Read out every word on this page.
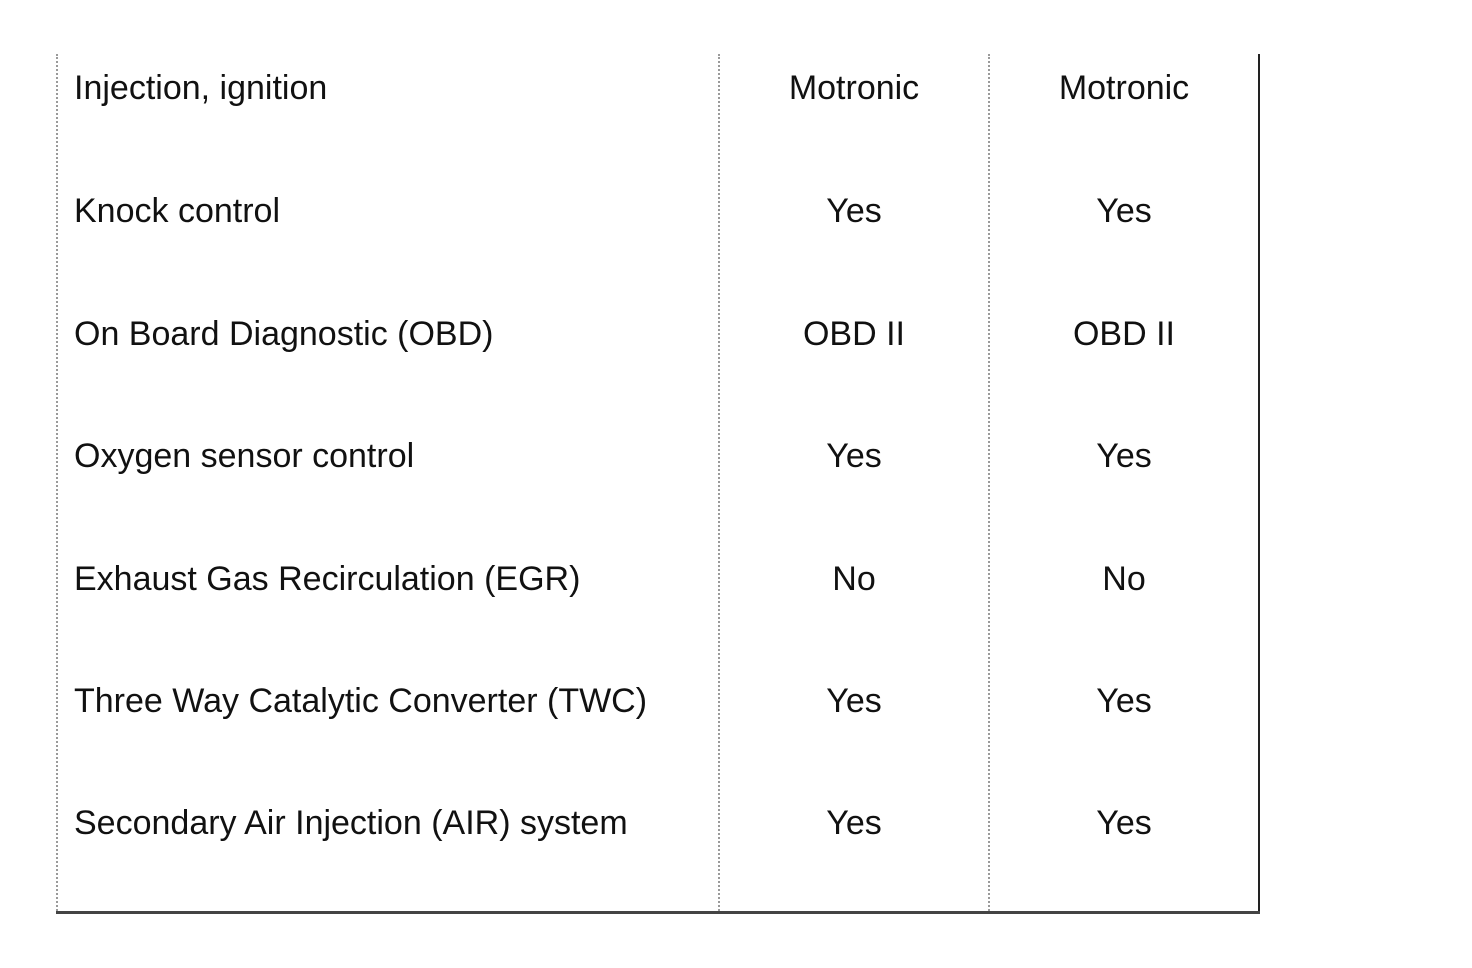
Injection, ignition	Motronic	Motronic
Knock control	Yes	Yes
On Board Diagnostic (OBD)	OBD II	OBD II
Oxygen sensor control	Yes	Yes
Exhaust Gas Recirculation (EGR)	No	No
Three Way Catalytic Converter (TWC)	Yes	Yes
Secondary Air Injection (AIR) system	Yes	Yes
